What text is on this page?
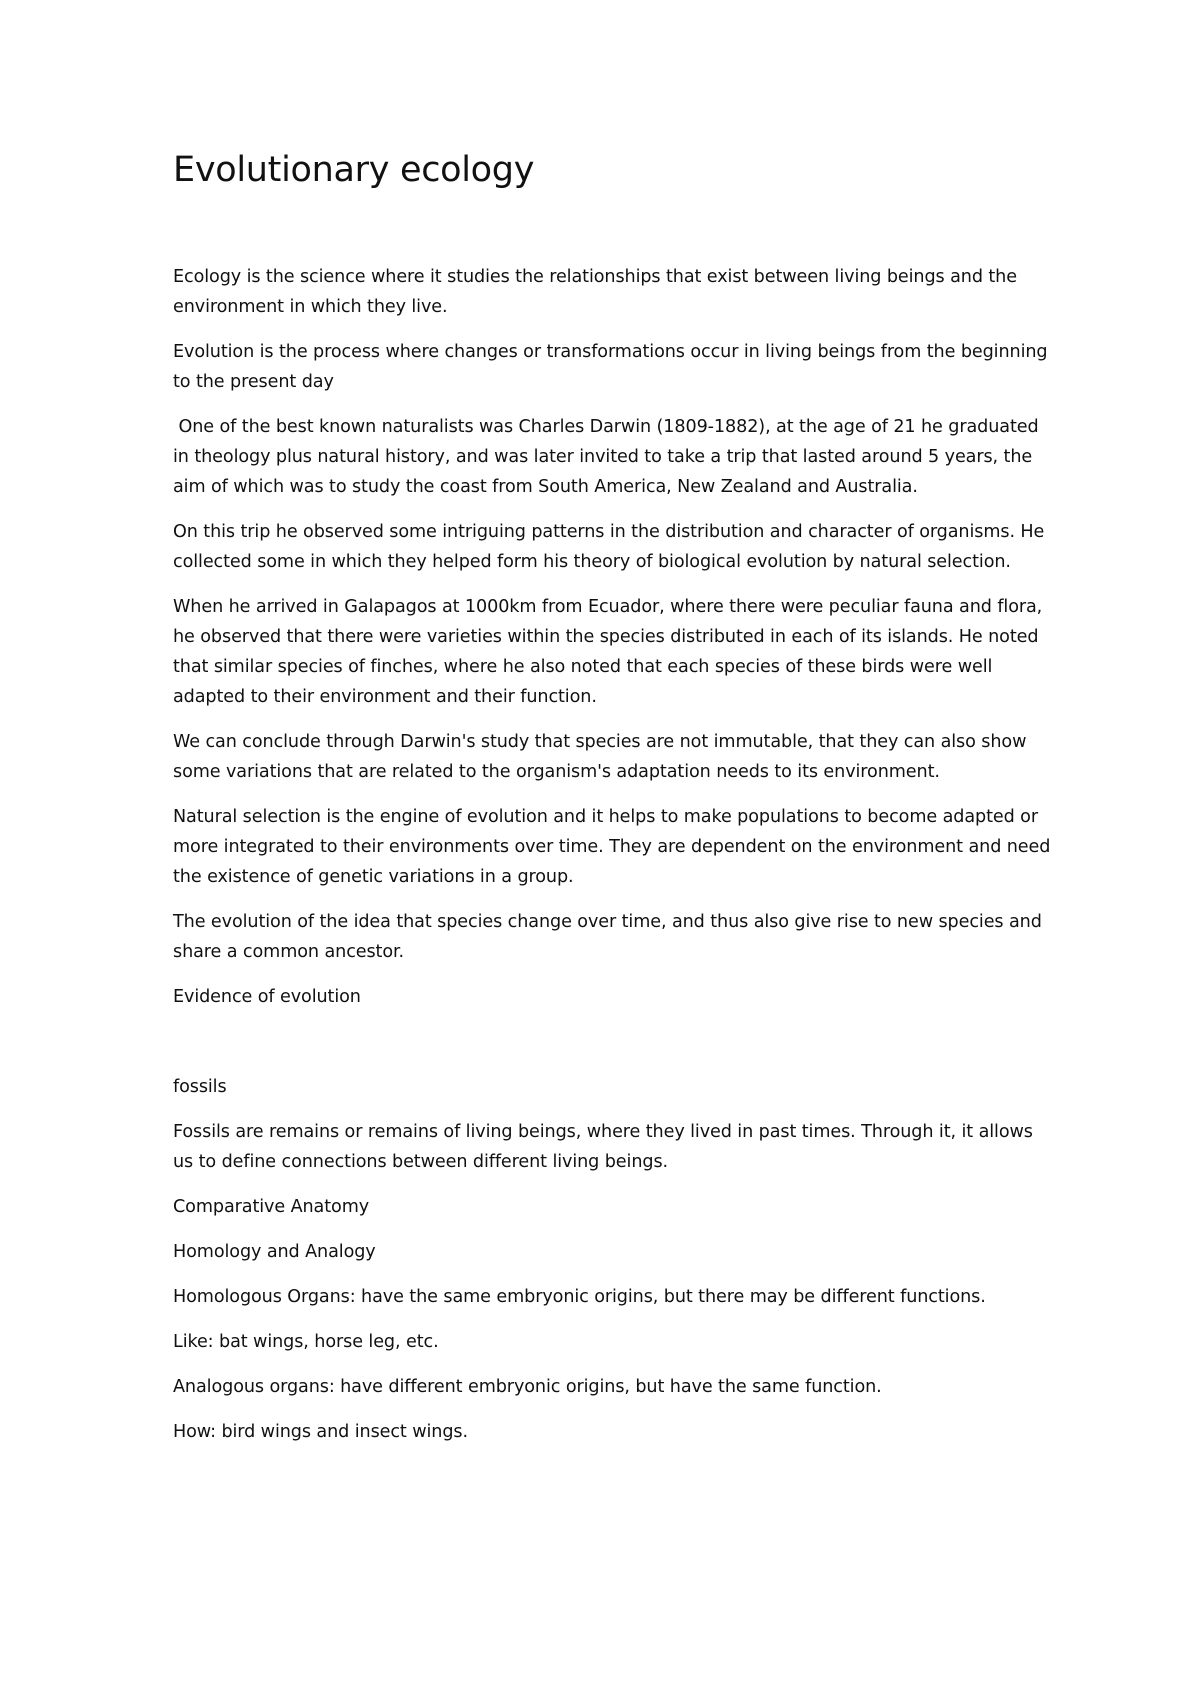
Evolutionary ecology

Ecology is the science where it studies the relationships that exist between living beings and the environment in which they live.

Evolution is the process where changes or transformations occur in living beings from the beginning to the present day

One of the best known naturalists was Charles Darwin (1809-1882), at the age of 21 he graduated in theology plus natural history, and was later invited to take a trip that lasted around 5 years, the aim of which was to study the coast from South America, New Zealand and Australia.

On this trip he observed some intriguing patterns in the distribution and character of organisms. He collected some in which they helped form his theory of biological evolution by natural selection.

When he arrived in Galapagos at 1000km from Ecuador, where there were peculiar fauna and flora, he observed that there were varieties within the species distributed in each of its islands. He noted that similar species of finches, where he also noted that each species of these birds were well adapted to their environment and their function.

We can conclude through Darwin's study that species are not immutable, that they can also show some variations that are related to the organism's adaptation needs to its environment.

Natural selection is the engine of evolution and it helps to make populations to become adapted or more integrated to their environments over time. They are dependent on the environment and need the existence of genetic variations in a group.

The evolution of the idea that species change over time, and thus also give rise to new species and share a common ancestor.

Evidence of evolution

fossils

Fossils are remains or remains of living beings, where they lived in past times. Through it, it allows us to define connections between different living beings.

Comparative Anatomy

Homology and Analogy

Homologous Organs: have the same embryonic origins, but there may be different functions.

Like: bat wings, horse leg, etc.

Analogous organs: have different embryonic origins, but have the same function.

How: bird wings and insect wings.
